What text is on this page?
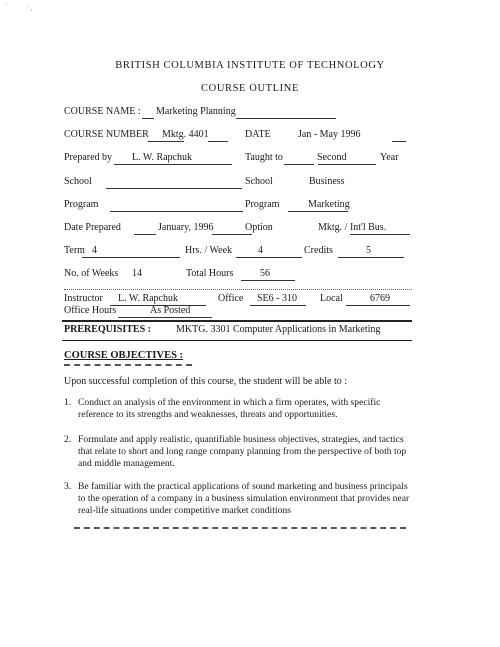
'	' ,
BRITISH COLUMBIA INSTITUTE OF TECHNOLOGY
COURSE OUTLINE
COURSE NAME : Marketing Planning
COURSE NUMBER Mktg. 4401	DATE	Jan - May 1996
Prepared by L. W. Rapchuk	Taught to	Second	Year
School	School	Business
Program	Program	Marketing
Date Prepared	January, 1996	Option	Mktg. / Int'l Bus.
Term 4	Hrs. / Week	4	Credits	5
No. of Weeks 14	Total Hours	56
Instructor L. W. Rapchuk	Office SE6 - 310 Local	6769
Office Hours	As Posted
PREREQUISITES :	MKTG. 3301 Computer Applications in Marketing
COURSE OBJECTIVES :
Upon successful completion of this course, the student will be able to :
1. Conduct an analysis of the environment in which a firm operates, with specific
reference to its strengths and weaknesses, threats and opportunities.
2. Formulate and apply realistic, quantifiable business objectives, strategies, and tactics
that relate to short and long range company planning from the perspective of both top
and middle management.
3. Be familiar with the practical applications of sound marketing and business principals
to the operation of a company in a business simulation environment that provides near
real-life situations under competitive market conditions
